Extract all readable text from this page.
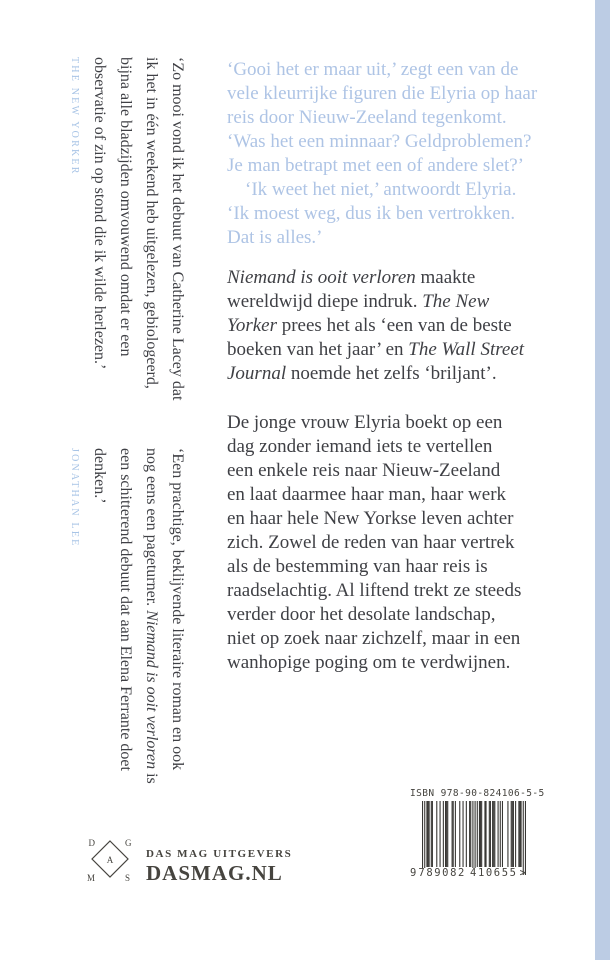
‘Zo mooi vond ik het debuut van Catherine Lacey dat
ik het in één weekend heb uitgelezen, gebiologeerd,
bijna alle bladzijden omvouwend omdat er een
observatie of zin op stond die ik wilde herlezen.’
THE NEW YORKER
‘Een prachtige, beklijvende literaire roman en ook
nog eens een pageturner. Niemand is ooit verloren is
een schitterend debuut dat aan Elena Ferrante doet
denken.’
JONATHAN LEE
‘Gooi het er maar uit,’ zegt een van de
vele kleurrijke figuren die Elyria op haar
reis door Nieuw-Zeeland tegenkomt.
‘Was het een minnaar? Geldproblemen?
Je man betrapt met een of andere slet?’
‘Ik weet het niet,’ antwoordt Elyria.
‘Ik moest weg, dus ik ben vertrokken.
Dat is alles.’
Niemand is ooit verloren maakte
wereldwijd diepe indruk. The New
Yorker prees het als ‘een van de beste
boeken van het jaar’ en The Wall Street
Journal noemde het zelfs ‘briljant’.
De jonge vrouw Elyria boekt op een
dag zonder iemand iets te vertellen
een enkele reis naar Nieuw-Zeeland
en laat daarmee haar man, haar werk
en haar hele New Yorkse leven achter
zich. Zowel de reden van haar vertrek
als de bestemming van haar reis is
raadselachtig. Al liftend trekt ze steeds
verder door het desolate landschap,
niet op zoek naar zichzelf, maar in een
wanhopige poging om te verdwijnen.
D	G
M	S
A	DAS MAG UITGEVERS
DASMAG.NL
ISBN 978-90-824106-5-5
9 789082 410655 >
